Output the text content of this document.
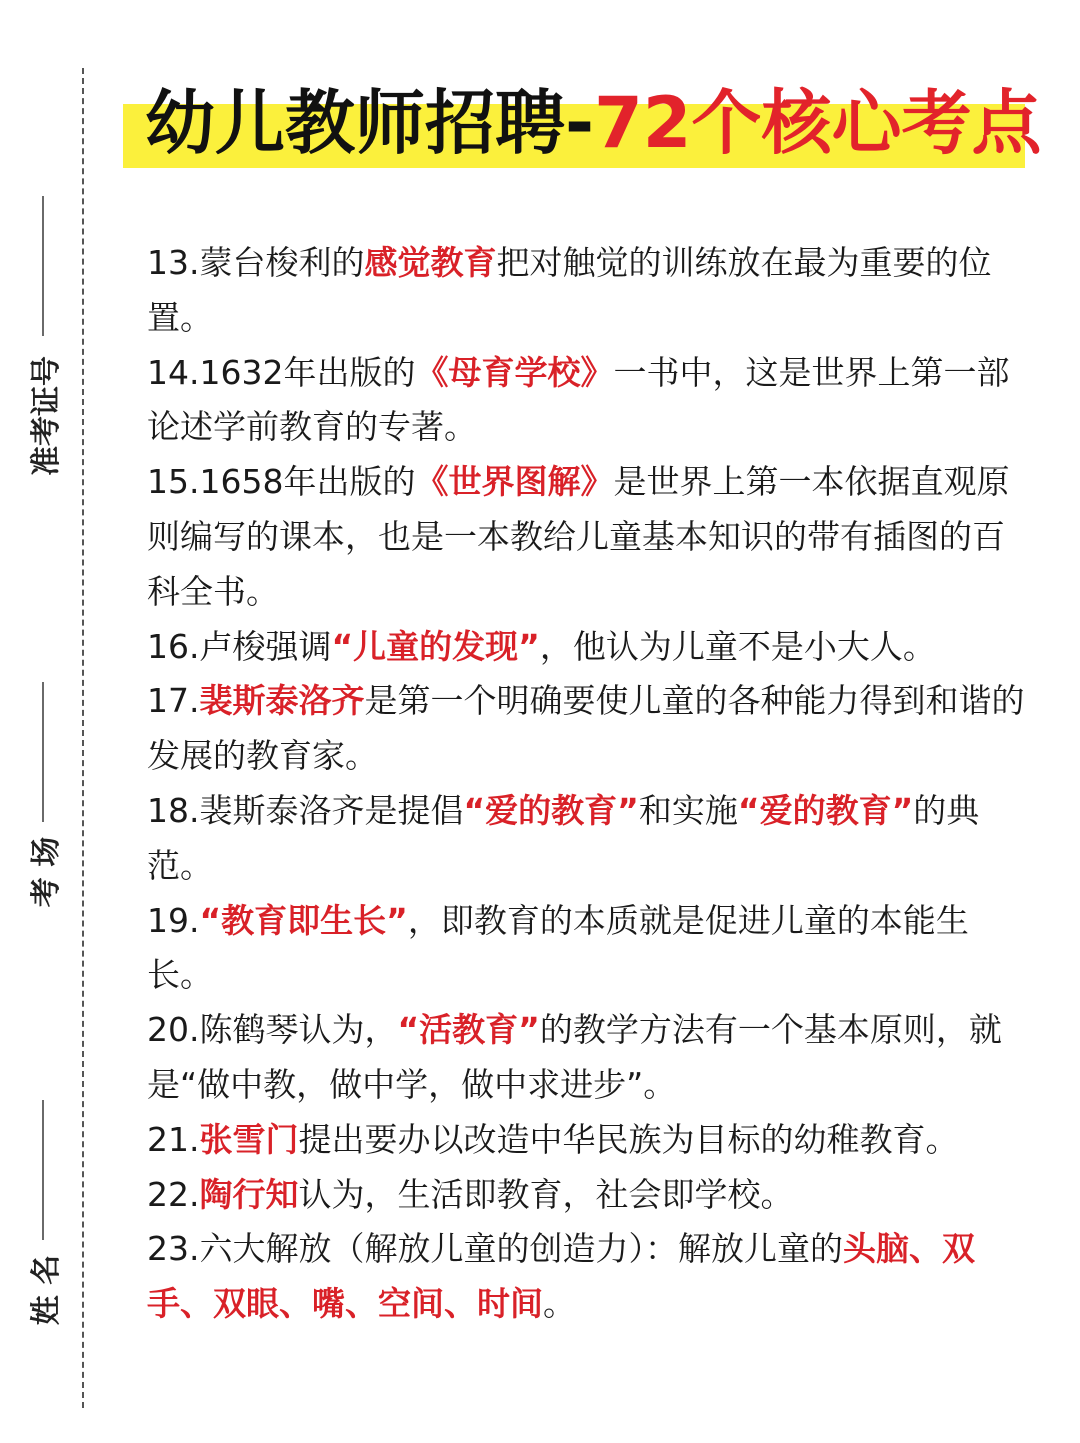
准考证号
考 场
姓 名
幼儿教师招聘-72个核心考点

13.蒙台梭利的感觉教育把对触觉的训练放在最为重要的位置。

14.1632年出版的《母育学校》一书中，这是世界上第一部论述学前教育的专著。

15.1658年出版的《世界图解》是世界上第一本依据直观原则编写的课本，也是一本教给儿童基本知识的带有插图的百科全书。

16.卢梭强调“儿童的发现”，他认为儿童不是小大人。

17.裴斯泰洛齐是第一个明确要使儿童的各种能力得到和谐的发展的教育家。

18.裴斯泰洛齐是提倡“爱的教育”和实施“爱的教育”的典范。

19.“教育即生长”，即教育的本质就是促进儿童的本能生长。

20.陈鹤琴认为，“活教育”的教学方法有一个基本原则，就是“做中教，做中学，做中求进步”。

21.张雪门提出要办以改造中华民族为目标的幼稚教育。

22.陶行知认为，生活即教育，社会即学校。

23.六大解放（解放儿童的创造力）：解放儿童的头脑、双手、双眼、嘴、空间、时间。
